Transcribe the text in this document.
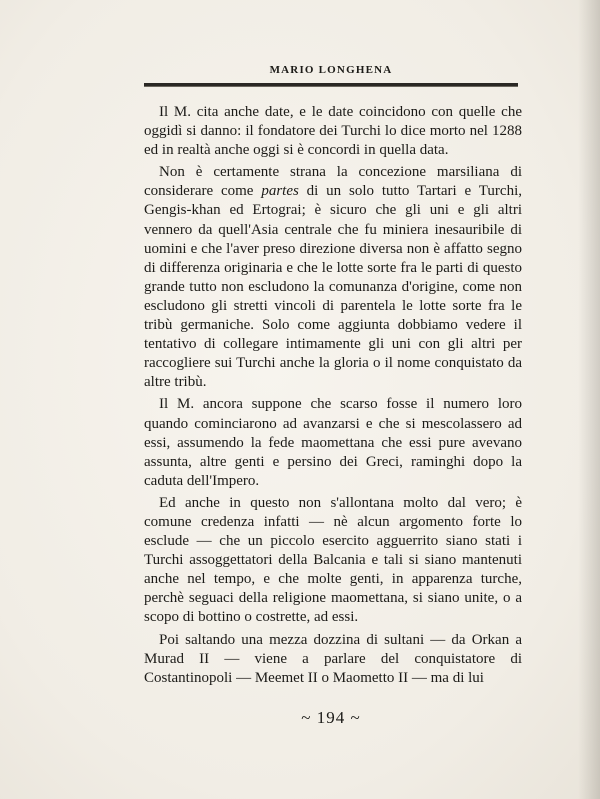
MARIO LONGHENA

Il M. cita anche date, e le date coincidono con quelle che oggidì si danno: il fondatore dei Turchi lo dice morto nel 1288 ed in realtà anche oggi si è concordi in quella data.

Non è certamente strana la concezione marsiliana di considerare come partes di un solo tutto Tartari e Turchi, Gengis-khan ed Ertograi; è sicuro che gli uni e gli altri vennero da quell'Asia centrale che fu miniera inesauribile di uomini e che l'aver preso direzione diversa non è affatto segno di differenza originaria e che le lotte sorte fra le parti di questo grande tutto non escludono la comunanza d'origine, come non escludono gli stretti vincoli di parentela le lotte sorte fra le tribù germaniche. Solo come aggiunta dobbiamo vedere il tentativo di collegare intimamente gli uni con gli altri per raccogliere sui Turchi anche la gloria o il nome conquistato da altre tribù.

Il M. ancora suppone che scarso fosse il numero loro quando cominciarono ad avanzarsi e che si mescolassero ad essi, assumendo la fede maomettana che essi pure avevano assunta, altre genti e persino dei Greci, raminghi dopo la caduta dell'Impero.

Ed anche in questo non s'allontana molto dal vero; è comune credenza infatti — nè alcun argomento forte lo esclude — che un piccolo esercito agguerrito siano stati i Turchi assoggettatori della Balcania e tali si siano mantenuti anche nel tempo, e che molte genti, in apparenza turche, perchè seguaci della religione maomettana, si siano unite, o a scopo di bottino o costrette, ad essi.

Poi saltando una mezza dozzina di sultani — da Orkan a Murad II — viene a parlare del conquistatore di Costantinopoli — Meemet II o Maometto II — ma di lui

~ 194 ~
